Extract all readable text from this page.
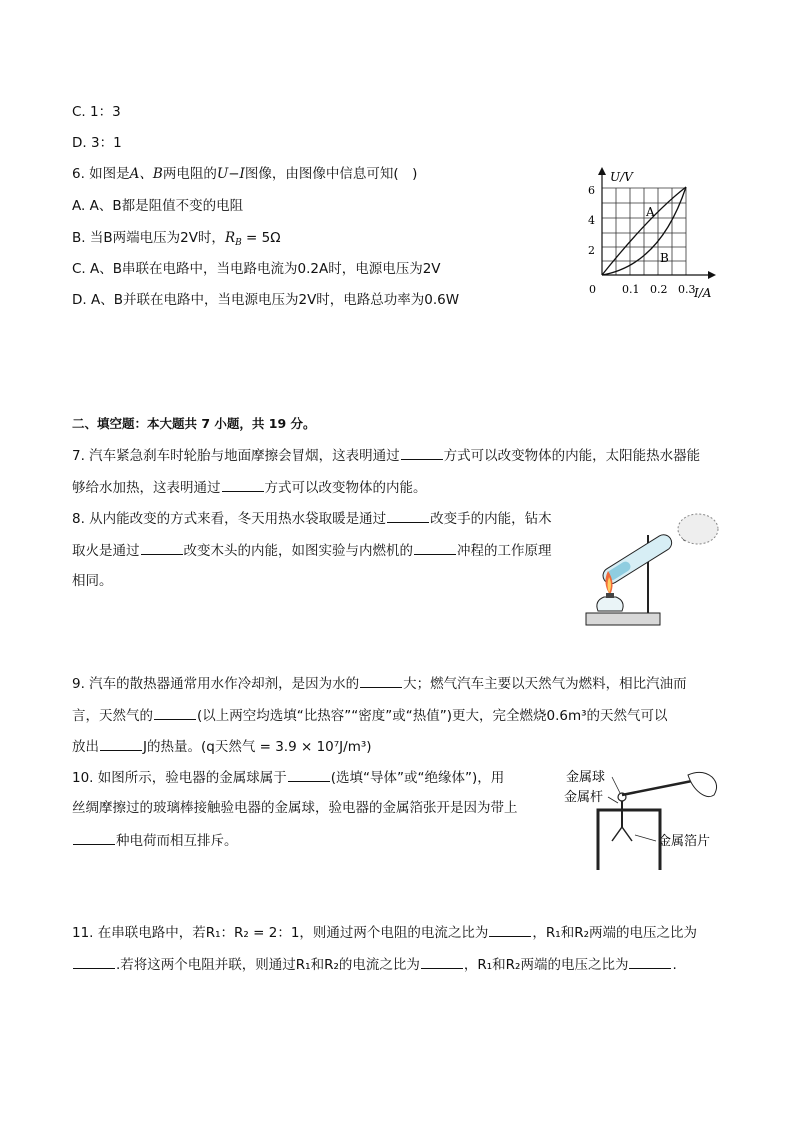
C. 1：3
D. 3：1
6. 如图是A、B两电阻的U−I图像，由图像中信息可知(　)
A. A、B都是阻值不变的电阻
B. 当B两端电压为2V时，$R_B = 5\Omega$
C. A、B串联在电路中，当电路电流为0.2A时，电源电压为2V
D. A、B并联在电路中，当电源电压为2V时，电路总功率为0.6W
U/V
I/A
6
4
2
0 0.1 0.2 0.3
A
B
二、填空题：本大题共 7 小题，共 19 分。
7. 汽车紧急刹车时轮胎与地面摩擦会冒烟，这表明通过	方式可以改变物体的内能，太阳能热水器能
够给水加热，这表明通过	方式可以改变物体的内能。
8. 从内能改变的方式来看，冬天用热水袋取暖是通过	改变手的内能，钻木
取火是通过	改变木头的内能，如图实验与内燃机的	冲程的工作原理
相同。
9. 汽车的散热器通常用水作冷却剂，是因为水的	大；燃气汽车主要以天然气为燃料，相比汽油而
言，天然气的	(以上两空均选填“比热容”“密度”或“热值”)更大，完全燃烧0.6m³的天然气可以
放出	J的热量。(q天然气 = 3.9 × 10⁷J/m³)
10. 如图所示，验电器的金属球属于	(选填“导体”或“绝缘体”)，用
丝绸摩擦过的玻璃棒接触验电器的金属球，验电器的金属箔张开是因为带上
种电荷而相互排斥。
金属球
金属杆
金属箔片
11. 在串联电路中，若R₁：R₂ = 2：1，则通过两个电阻的电流之比为	，R₁和R₂两端的电压之比为
.若将这两个电阻并联，则通过R₁和R₂的电流之比为	，R₁和R₂两端的电压之比为	.
